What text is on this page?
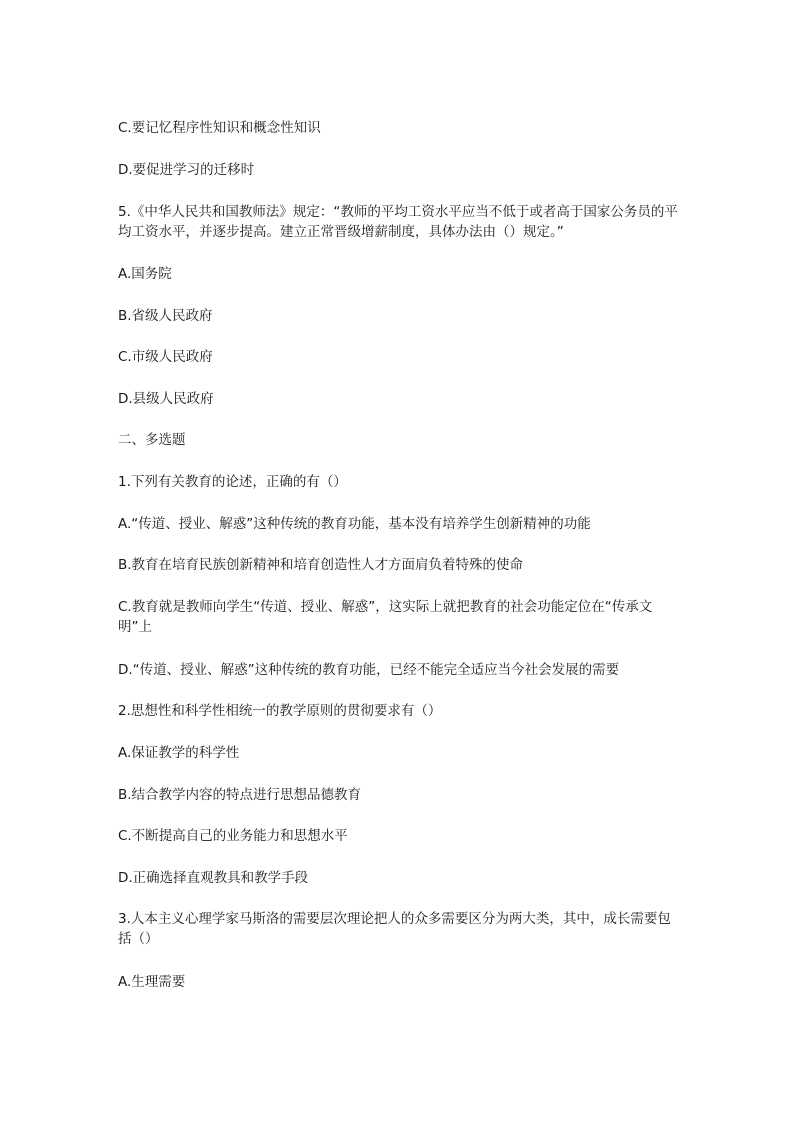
C.要记忆程序性知识和概念性知识
D.要促进学习的迁移时
5.《中华人民共和国教师法》规定：“教师的平均工资水平应当不低于或者高于国家公务员的平均工资水平，并逐步提高。建立正常晋级增薪制度，具体办法由（）规定。”
A.国务院
B.省级人民政府
C.市级人民政府
D.县级人民政府
二、多选题
1.下列有关教育的论述，正确的有（）
A.“传道、授业、解惑”这种传统的教育功能，基本没有培养学生创新精神的功能
B.教育在培育民族创新精神和培育创造性人才方面肩负着特殊的使命
C.教育就是教师向学生“传道、授业、解惑”，这实际上就把教育的社会功能定位在“传承文明”上
D.“传道、授业、解惑”这种传统的教育功能，已经不能完全适应当今社会发展的需要
2.思想性和科学性相统一的教学原则的贯彻要求有（）
A.保证教学的科学性
B.结合教学内容的特点进行思想品德教育
C.不断提高自己的业务能力和思想水平
D.正确选择直观教具和教学手段
3.人本主义心理学家马斯洛的需要层次理论把人的众多需要区分为两大类，其中，成长需要包括（）
A.生理需要
